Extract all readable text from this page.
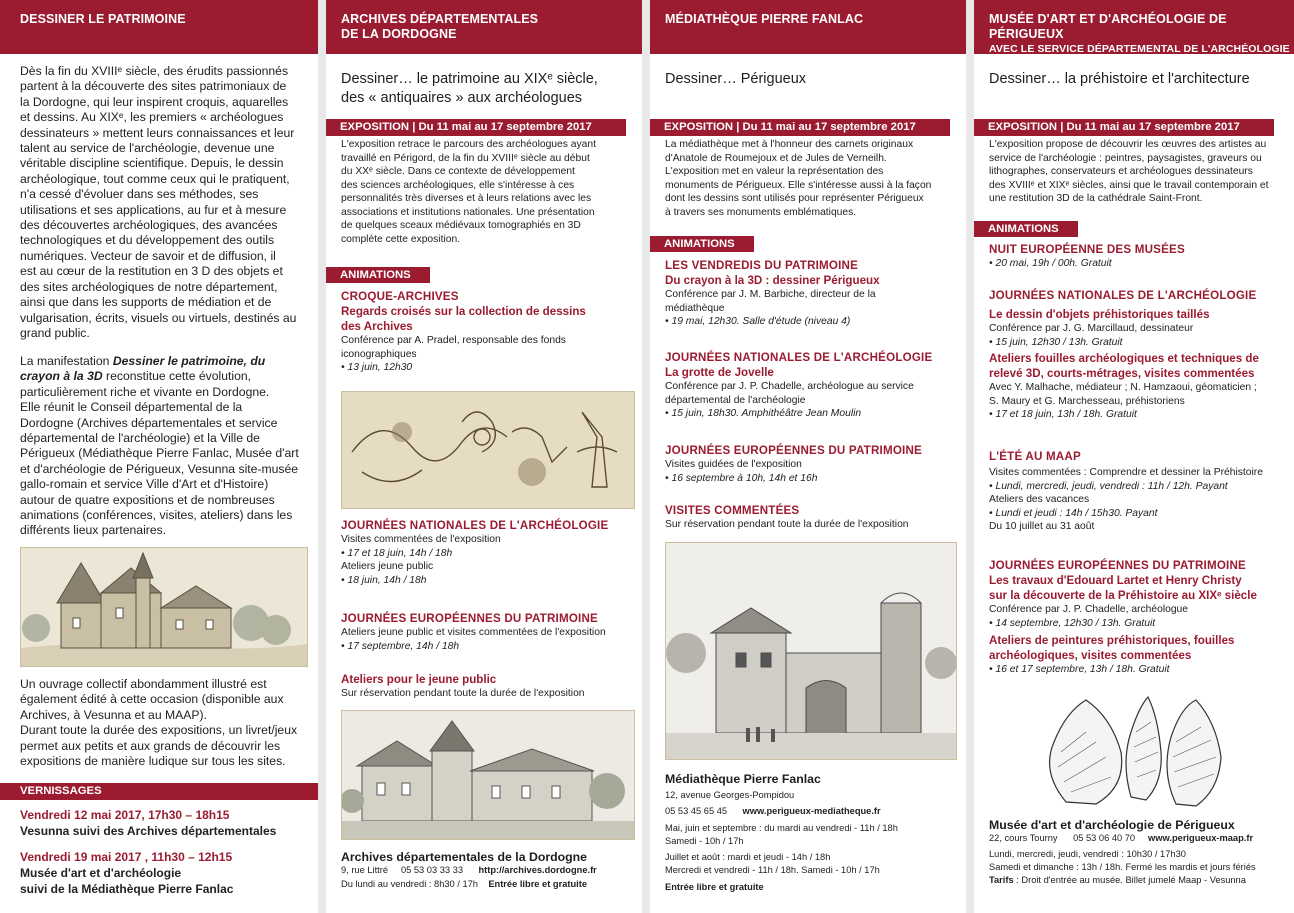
DESSINER LE PATRIMOINE
Dès la fin du XVIIIᵉ siècle, des érudits passionnés
partent à la découverte des sites patrimoniaux de
la Dordogne, qui leur inspirent croquis, aquarelles
et dessins. Au XIXᵉ, les premiers « archéologues
dessinateurs » mettent leurs connaissances et leur
talent au service de l'archéologie, devenue une
véritable discipline scientifique. Depuis, le dessin
archéologique, tout comme ceux qui le pratiquent,
n'a cessé d'évoluer dans ses méthodes, ses
utilisations et ses applications, au fur et à mesure
des découvertes archéologiques, des avancées
technologiques et du développement des outils
numériques. Vecteur de savoir et de diffusion, il
est au cœur de la restitution en 3 D des objets et
des sites archéologiques de notre département,
ainsi que dans les supports de médiation et de
vulgarisation, écrits, visuels ou virtuels, destinés au
grand public.
La manifestation Dessiner le patrimoine, du
crayon à la 3D reconstitue cette évolution,
particulièrement riche et vivante en Dordogne.
Elle réunit le Conseil départemental de la
Dordogne (Archives départementales et service
départemental de l'archéologie) et la Ville de
Périgueux (Médiathèque Pierre Fanlac, Musée d'art
et d'archéologie de Périgueux, Vesunna site-musée
gallo-romain et service Ville d'Art et d'Histoire)
autour de quatre expositions et de nombreuses
animations (conférences, visites, ateliers) dans les
différents lieux partenaires.
Un ouvrage collectif abondamment illustré est
également édité à cette occasion (disponible aux
Archives, à Vesunna et au MAAP).
Durant toute la durée des expositions, un livret/jeux
permet aux petits et aux grands de découvrir les
expositions de manière ludique sur tous les sites.
VERNISSAGES
Vendredi 12 mai 2017, 17h30 – 18h15
Vesunna suivi des Archives départementales
Vendredi 19 mai 2017 , 11h30 – 12h15
Musée d'art et d'archéologie
suivi de la Médiathèque Pierre Fanlac
ARCHIVES DÉPARTEMENTALES
DE LA DORDOGNE
Dessiner… le patrimoine au XIXᵉ siècle,
des « antiquaires » aux archéologues
EXPOSITION | Du 11 mai au 17 septembre 2017
L'exposition retrace le parcours des archéologues ayant
travaillé en Périgord, de la fin du XVIIIᵉ siècle au début
du XXᵉ siècle. Dans ce contexte de développement
des sciences archéologiques, elle s'intéresse à ces
personnalités très diverses et à leurs relations avec les
associations et institutions nationales. Une présentation
de quelques sceaux médiévaux tomographiés en 3D
complète cette exposition.
ANIMATIONS
CROQUE-ARCHIVES
Regards croisés sur la collection de dessins
des Archives
Conférence par A. Pradel, responsable des fonds
iconographiques
• 13 juin, 12h30
JOURNÉES NATIONALES DE L'ARCHÉOLOGIE
Visites commentées de l'exposition
• 17 et 18 juin, 14h / 18h
Ateliers jeune public
• 18 juin, 14h / 18h
JOURNÉES EUROPÉENNES DU PATRIMOINE
Ateliers jeune public et visites commentées de l'exposition
• 17 septembre, 14h / 18h
Ateliers pour le jeune public
Sur réservation pendant toute la durée de l'exposition
Archives départementales de la Dordogne
9, rue Littré 05 53 03 33 33 http://archives.dordogne.fr
Du lundi au vendredi : 8h30 / 17h Entrée libre et gratuite
MÉDIATHÈQUE PIERRE FANLAC
Dessiner… Périgueux
EXPOSITION | Du 11 mai au 17 septembre 2017
La médiathèque met à l'honneur des carnets originaux
d'Anatole de Roumejoux et de Jules de Verneilh.
L'exposition met en valeur la représentation des
monuments de Périgueux. Elle s'intéresse aussi à la façon
dont les dessins sont utilisés pour représenter Périgueux
à travers ses monuments emblématiques.
ANIMATIONS
LES VENDREDIS DU PATRIMOINE
Du crayon à la 3D : dessiner Périgueux
Conférence par J. M. Barbiche, directeur de la
médiathèque
• 19 mai, 12h30. Salle d'étude (niveau 4)
JOURNÉES NATIONALES DE L'ARCHÉOLOGIE
La grotte de Jovelle
Conférence par J. P. Chadelle, archéologue au service
départemental de l'archéologie
• 15 juin, 18h30. Amphithéâtre Jean Moulin
JOURNÉES EUROPÉENNES DU PATRIMOINE
Visites guidées de l'exposition
• 16 septembre à 10h, 14h et 16h
VISITES COMMENTÉES
Sur réservation pendant toute la durée de l'exposition
Médiathèque Pierre Fanlac
12, avenue Georges-Pompidou
05 53 45 65 45 www.perigueux-mediatheque.fr
Mai, juin et septembre : du mardi au vendredi - 11h / 18h
Samedi - 10h / 17h
Juillet et août : mardi et jeudi - 14h / 18h
Mercredi et vendredi - 11h / 18h. Samedi - 10h / 17h
Entrée libre et gratuite
MUSÉE D'ART ET D'ARCHÉOLOGIE DE PÉRIGUEUX
AVEC LE SERVICE DÉPARTEMENTAL DE L'ARCHÉOLOGIE
Dessiner… la préhistoire et l'architecture
EXPOSITION | Du 11 mai au 17 septembre 2017
L'exposition propose de découvrir les œuvres des artistes au
service de l'archéologie : peintres, paysagistes, graveurs ou
lithographes, conservateurs et archéologues dessinateurs
des XVIIIᵉ et XIXᵉ siècles, ainsi que le travail contemporain et
une restitution 3D de la cathédrale Saint-Front.
ANIMATIONS
NUIT EUROPÉENNE DES MUSÉES
• 20 mai, 19h / 00h. Gratuit
JOURNÉES NATIONALES DE L'ARCHÉOLOGIE
Le dessin d'objets préhistoriques taillés
Conférence par J. G. Marcillaud, dessinateur
• 15 juin, 12h30 / 13h. Gratuit
Ateliers fouilles archéologiques et techniques de
relevé 3D, courts-métrages, visites commentées
Avec Y. Malhache, médiateur ; N. Hamzaoui, géomaticien ;
S. Maury et G. Marchesseau, préhistoriens
• 17 et 18 juin, 13h / 18h. Gratuit
L'ÉTÉ AU MAAP
Visites commentées : Comprendre et dessiner la Préhistoire
• Lundi, mercredi, jeudi, vendredi : 11h / 12h. Payant
Ateliers des vacances
• Lundi et jeudi : 14h / 15h30. Payant
Du 10 juillet au 31 août
JOURNÉES EUROPÉENNES DU PATRIMOINE
Les travaux d'Edouard Lartet et Henry Christy
sur la découverte de la Préhistoire au XIXᵉ siècle
Conférence par J. P. Chadelle, archéologue
• 14 septembre, 12h30 / 13h. Gratuit
Ateliers de peintures préhistoriques, fouilles
archéologiques, visites commentées
• 16 et 17 septembre, 13h / 18h. Gratuit
Musée d'art et d'archéologie de Périgueux
22, cours Tourny 05 53 06 40 70 www.perigueux-maap.fr
Lundi, mercredi, jeudi, vendredi : 10h30 / 17h30
Samedi et dimanche : 13h / 18h. Fermé les mardis et jours fériés
Tarifs : Droit d'entrée au musée. Billet jumelé Maap - Vesunna
